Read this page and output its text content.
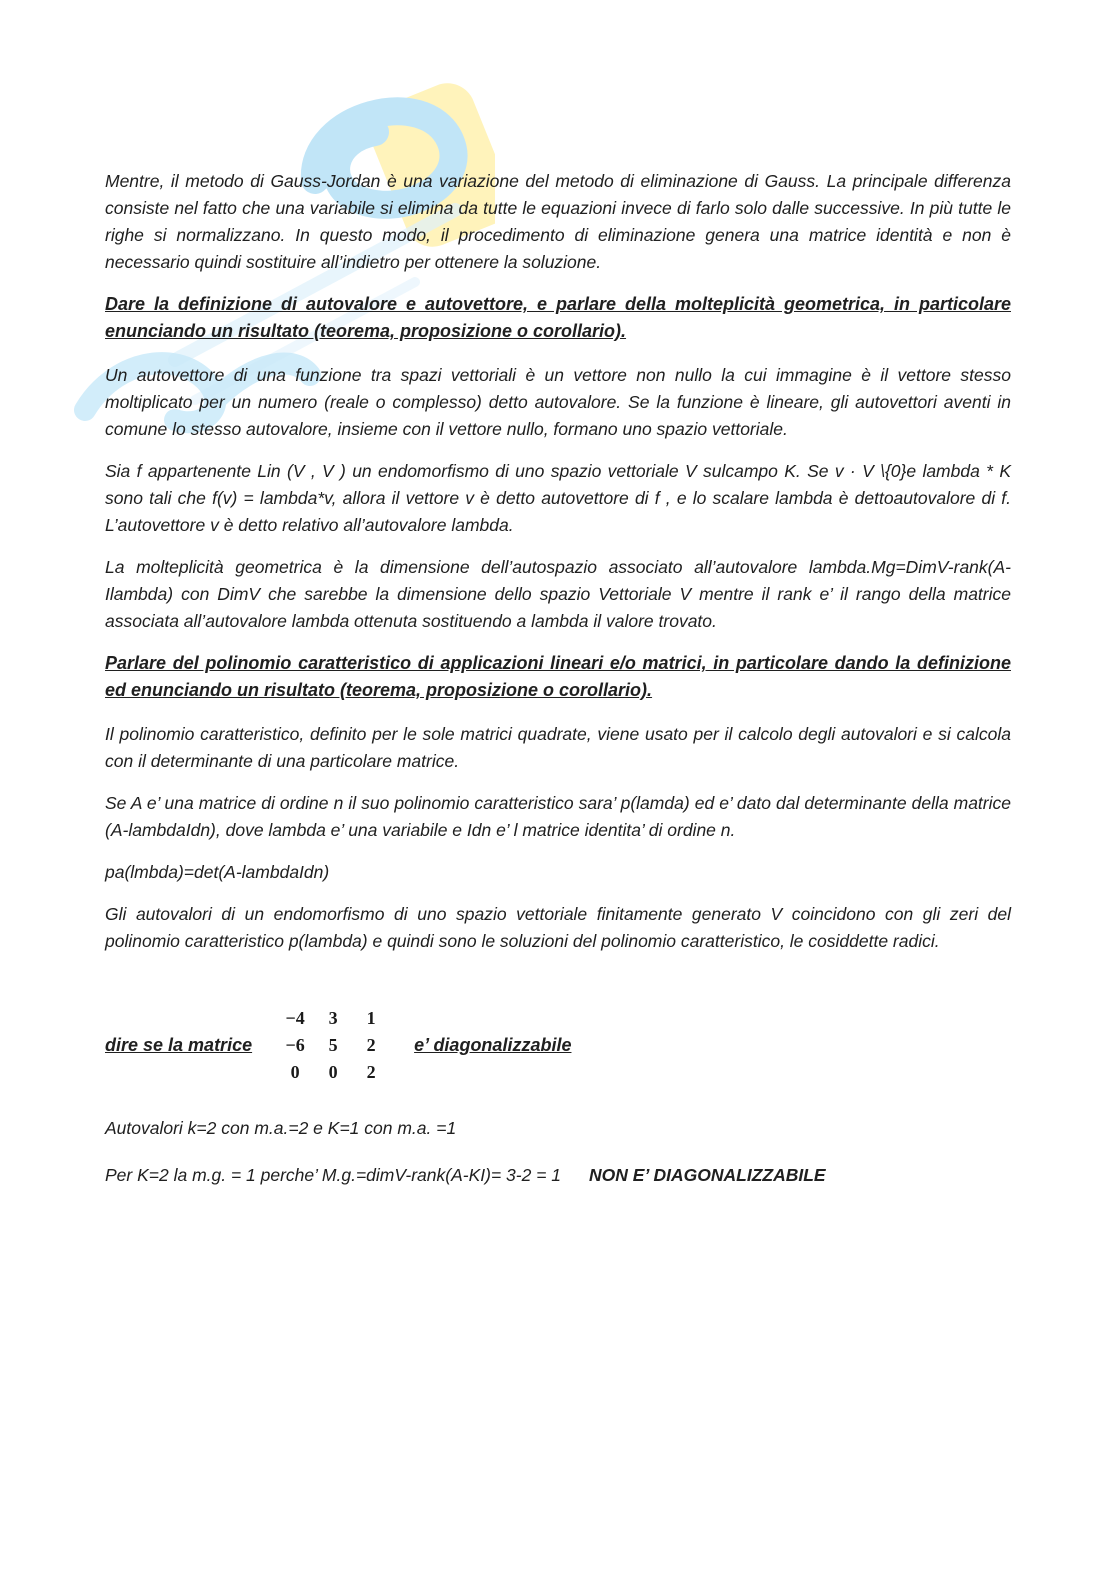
Mentre, il metodo di Gauss-Jordan è una variazione del metodo di eliminazione di Gauss. La principale differenza consiste nel fatto che una variabile si elimina da tutte le equazioni invece di farlo solo dalle successive. In più tutte le righe si normalizzano. In questo modo, il procedimento di eliminazione genera una matrice identità e non è necessario quindi sostituire all’indietro per ottenere la soluzione.

Dare la definizione di autovalore e autovettore, e parlare della molteplicità geometrica, in particolare enunciando un risultato (teorema, proposizione o corollario).

Un autovettore di una funzione tra spazi vettoriali è un vettore non nullo la cui immagine è il vettore stesso moltiplicato per un numero (reale o complesso) detto autovalore. Se la funzione è lineare, gli autovettori aventi in comune lo stesso autovalore, insieme con il vettore nullo, formano uno spazio vettoriale.

Sia f appartenente Lin (V , V ) un endomorfismo di uno spazio vettoriale V sulcampo K. Se v · V \{0}e lambda * K sono tali che f(v) = lambda*v, allora il vettore v è detto autovettore di f , e lo scalare lambda è dettoautovalore di f. L’autovettore v è detto relativo all’autovalore lambda.

La molteplicità geometrica è la dimensione dell’autospazio associato all’autovalore lambda.Mg=DimV-rank(A-Ilambda) con DimV che sarebbe la dimensione dello spazio Vettoriale V mentre il rank e’ il rango della matrice associata all’autovalore lambda ottenuta sostituendo a lambda il valore trovato.

Parlare del polinomio caratteristico di applicazioni lineari e/o matrici, in particolare dando la definizione ed enunciando un risultato (teorema, proposizione o corollario).

Il polinomio caratteristico, definito per le sole matrici quadrate, viene usato per il calcolo degli autovalori e si calcola con il determinante di una particolare matrice.

Se A e’ una matrice di ordine n il suo polinomio caratteristico sara’ p(lamda) ed e’ dato dal determinante della matrice (A-lambdaIdn), dove lambda e’ una variabile e Idn e’ l matrice identita’ di ordine n.

pa(lmbda)=det(A-lambdaIdn)

Gli autovalori di un endomorfismo di uno spazio vettoriale finitamente generato V coincidono con gli zeri del polinomio caratteristico p(lambda) e quindi sono le soluzioni del polinomio caratteristico, le cosiddette radici.

dire se la matrice
−4	3	1
−6	5	2
0	0	2
e’ diagonalizzabile

Autovalori k=2 con m.a.=2 e K=1 con m.a. =1

Per K=2 la m.g. = 1 perche’ M.g.=dimV-rank(A-KI)= 3-2 = 1 NON E’ DIAGONALIZZABILE
